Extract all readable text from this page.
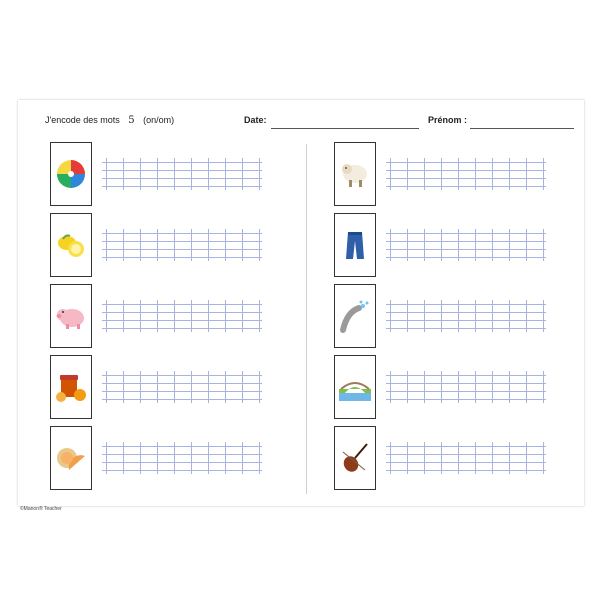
J'encode des mots 5 (on/om)	Date:	Prénom :
©Manon® Teacher
